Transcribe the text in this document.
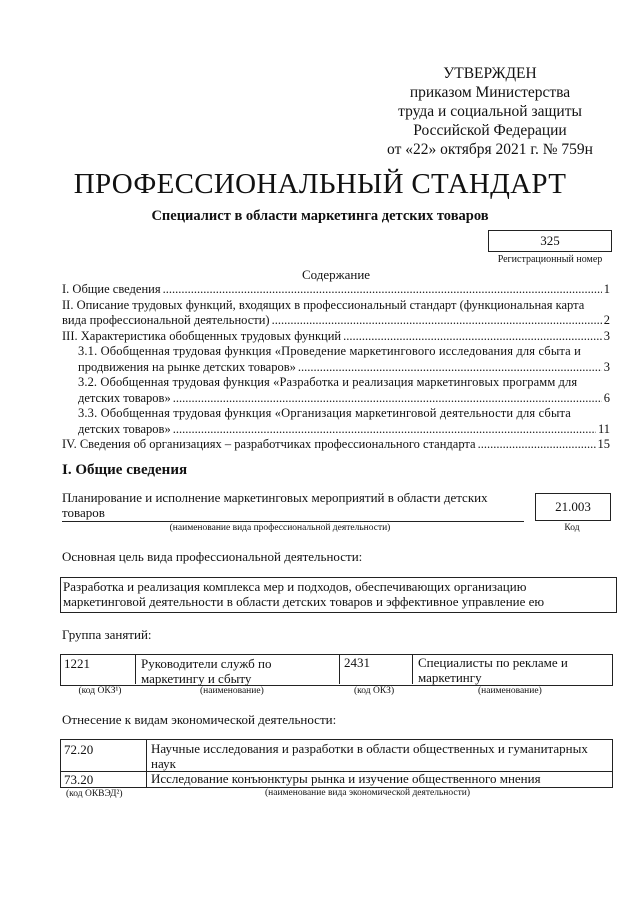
УТВЕРЖДЕН
приказом Министерства
труда и социальной защиты
Российской Федерации
от «22» октября 2021 г. № 759н
ПРОФЕССИОНАЛЬНЫЙ СТАНДАРТ
Специалист в области маркетинга детских товаров
325
Регистрационный номер
Содержание
I. Общие сведения .....	1
II. Описание трудовых функций, входящих в профессиональный стандарт (функциональная карта
вида профессиональной деятельности) .....	2
III. Характеристика обобщенных трудовых функций .....	3
3.1. Обобщенная трудовая функция «Проведение маркетингового исследования для сбыта и
продвижения на рынке детских товаров» .....	3
3.2. Обобщенная трудовая функция «Разработка и реализация маркетинговых программ для
детских товаров» .....	6
3.3. Обобщенная трудовая функция «Организация маркетинговой деятельности для сбыта
детских товаров» .....	11
IV. Сведения об организациях – разработчиках профессионального стандарта .....	15
I. Общие сведения
Планирование и исполнение маркетинговых мероприятий в области детских
товаров	21.003
(наименование вида профессиональной деятельности)	Код
Основная цель вида профессиональной деятельности:
Разработка и реализация комплекса мер и подходов, обеспечивающих организацию
маркетинговой деятельности в области детских товаров и эффективное управление ею
Группа занятий:
1221	Руководители служб по
маркетингу и сбыту
2431	Специалисты по рекламе и
маркетингу
(код ОКЗ¹)	(наименование)	(код ОКЗ)	(наименование)
Отнесение к видам экономической деятельности:
72.20	Научные исследования и разработки в области общественных и гуманитарных
наук
73.20	Исследование конъюнктуры рынка и изучение общественного мнения
(код ОКВЭД²)	(наименование вида экономической деятельности)
